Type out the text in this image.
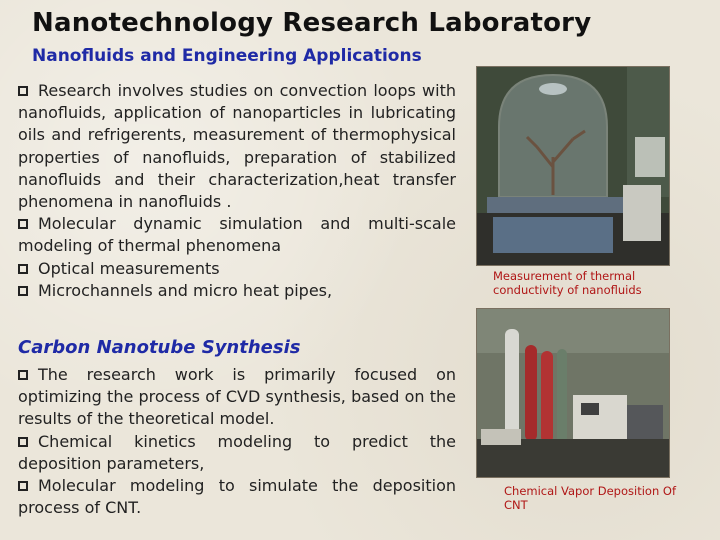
Nanotechnology Research Laboratory
Nanofluids and Engineering Applications

Research involves studies on convection loops with nanofluids, application of nanoparticles in lubricating oils and refrigerents, measurement of thermophysical properties of nanofluids, preparation of stabilized nanofluids and their characterization,heat transfer phenomena in nanofluids .

Molecular dynamic simulation and multi-scale modeling of thermal phenomena

Optical measurements

Microchannels and micro heat pipes,

Carbon Nanotube Synthesis

The research work is primarily focused on optimizing the process of CVD synthesis, based on the results of the theoretical model.

Chemical kinetics modeling to predict the deposition parameters,

Molecular modeling to simulate the deposition process of CNT.

Measurement of thermal conductivity of nanofluids
Chemical Vapor Deposition Of CNT
